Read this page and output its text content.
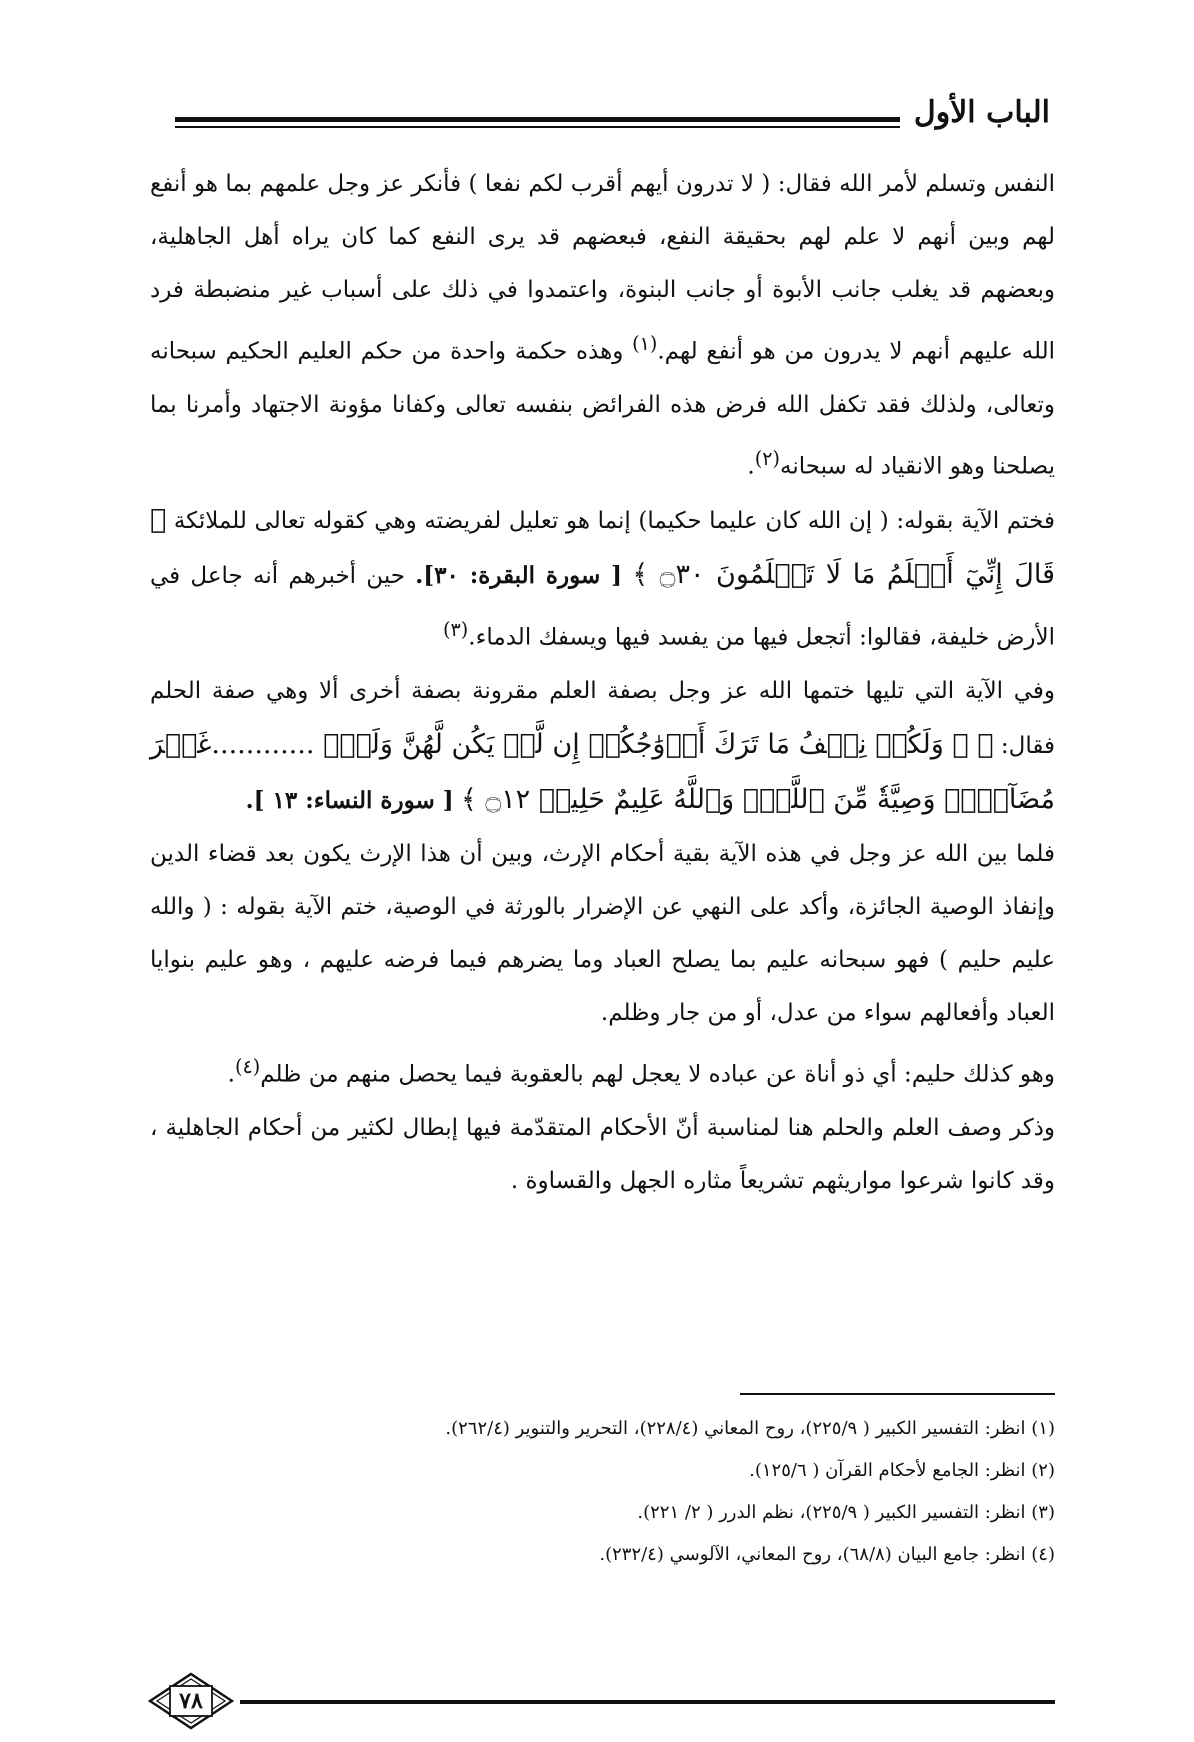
الباب الأول

النفس وتسلم لأمر الله فقال: ( لا تدرون أيهم أقرب لكم نفعا ) فأنكر عز وجل علمهم بما هو أنفع لهم وبين أنهم لا علم لهم بحقيقة النفع، فبعضهم قد يرى النفع كما كان يراه أهل الجاهلية، وبعضهم قد يغلب جانب الأبوة أو جانب البنوة، واعتمدوا في ذلك على أسباب غير منضبطة فرد الله عليهم أنهم لا يدرون من هو أنفع لهم.$^{(١)}$ وهذه حكمة واحدة من حكم العليم الحكيم سبحانه وتعالى، ولذلك فقد تكفل الله فرض هذه الفرائض بنفسه تعالى وكفانا مؤونة الاجتهاد وأمرنا بما يصلحنا وهو الانقياد له سبحانه$^{(٢)}$.

فختم الآية بقوله: ( إن الله كان عليما حكيما) إنما هو تعليل لفريضته وهي كقوله تعالى للملائكة ﴿ قَالَ إِنِّيٓ أَعۡلَمُ مَا لَا تَعۡلَمُونَ ۝٣٠ ﴾ [ سورة البقرة: ٣٠]. حين أخبرهم أنه جاعل في الأرض خليفة، فقالوا: أتجعل فيها من يفسد فيها ويسفك الدماء.$^{(٣)}$

وفي الآية التي تليها ختمها الله عز وجل بصفة العلم مقرونة بصفة أخرى ألا وهي صفة الحلم فقال: ﴿ ۞ وَلَكُمۡ نِصۡفُ مَا تَرَكَ أَزۡوَٰجُكُمۡ إِن لَّمۡ يَكُن لَّهُنَّ وَلَدٌۚ ............غَيۡرَ مُضَآرٍّۚ وَصِيَّةٗ مِّنَ ٱللَّهِۗ وَٱللَّهُ عَلِيمٌ حَلِيمٞ ۝١٢ ﴾ [ سورة النساء: ١٣ ].

فلما بين الله عز وجل في هذه الآية بقية أحكام الإرث، وبين أن هذا الإرث يكون بعد قضاء الدين وإنفاذ الوصية الجائزة، وأكد على النهي عن الإضرار بالورثة في الوصية، ختم الآية بقوله : ( والله عليم حليم ) فهو سبحانه عليم بما يصلح العباد وما يضرهم فيما فرضه عليهم ، وهو عليم بنوايا العباد وأفعالهم سواء من عدل، أو من جار وظلم.

وهو كذلك حليم: أي ذو أناة عن عباده لا يعجل لهم بالعقوبة فيما يحصل منهم من ظلم$^{(٤)}$.

وذكر وصف العلم والحلم هنا لمناسبة أنّ الأحكام المتقدّمة فيها إبطال لكثير من أحكام الجاهلية ، وقد كانوا شرعوا مواريثهم تشريعاً مثاره الجهل والقساوة .

(١) انظر: التفسير الكبير ( ٢٢٥/٩)، روح المعاني (٢٢٨/٤)، التحرير والتنوير (٢٦٢/٤).

(٢) انظر: الجامع لأحكام القرآن ( ١٢٥/٦).

(٣) انظر: التفسير الكبير ( ٢٢٥/٩)، نظم الدرر ( ٢/ ٢٢١).

(٤) انظر: جامع البيان (٦٨/٨)، روح المعاني، الآلوسي (٢٣٢/٤).

٧٨
